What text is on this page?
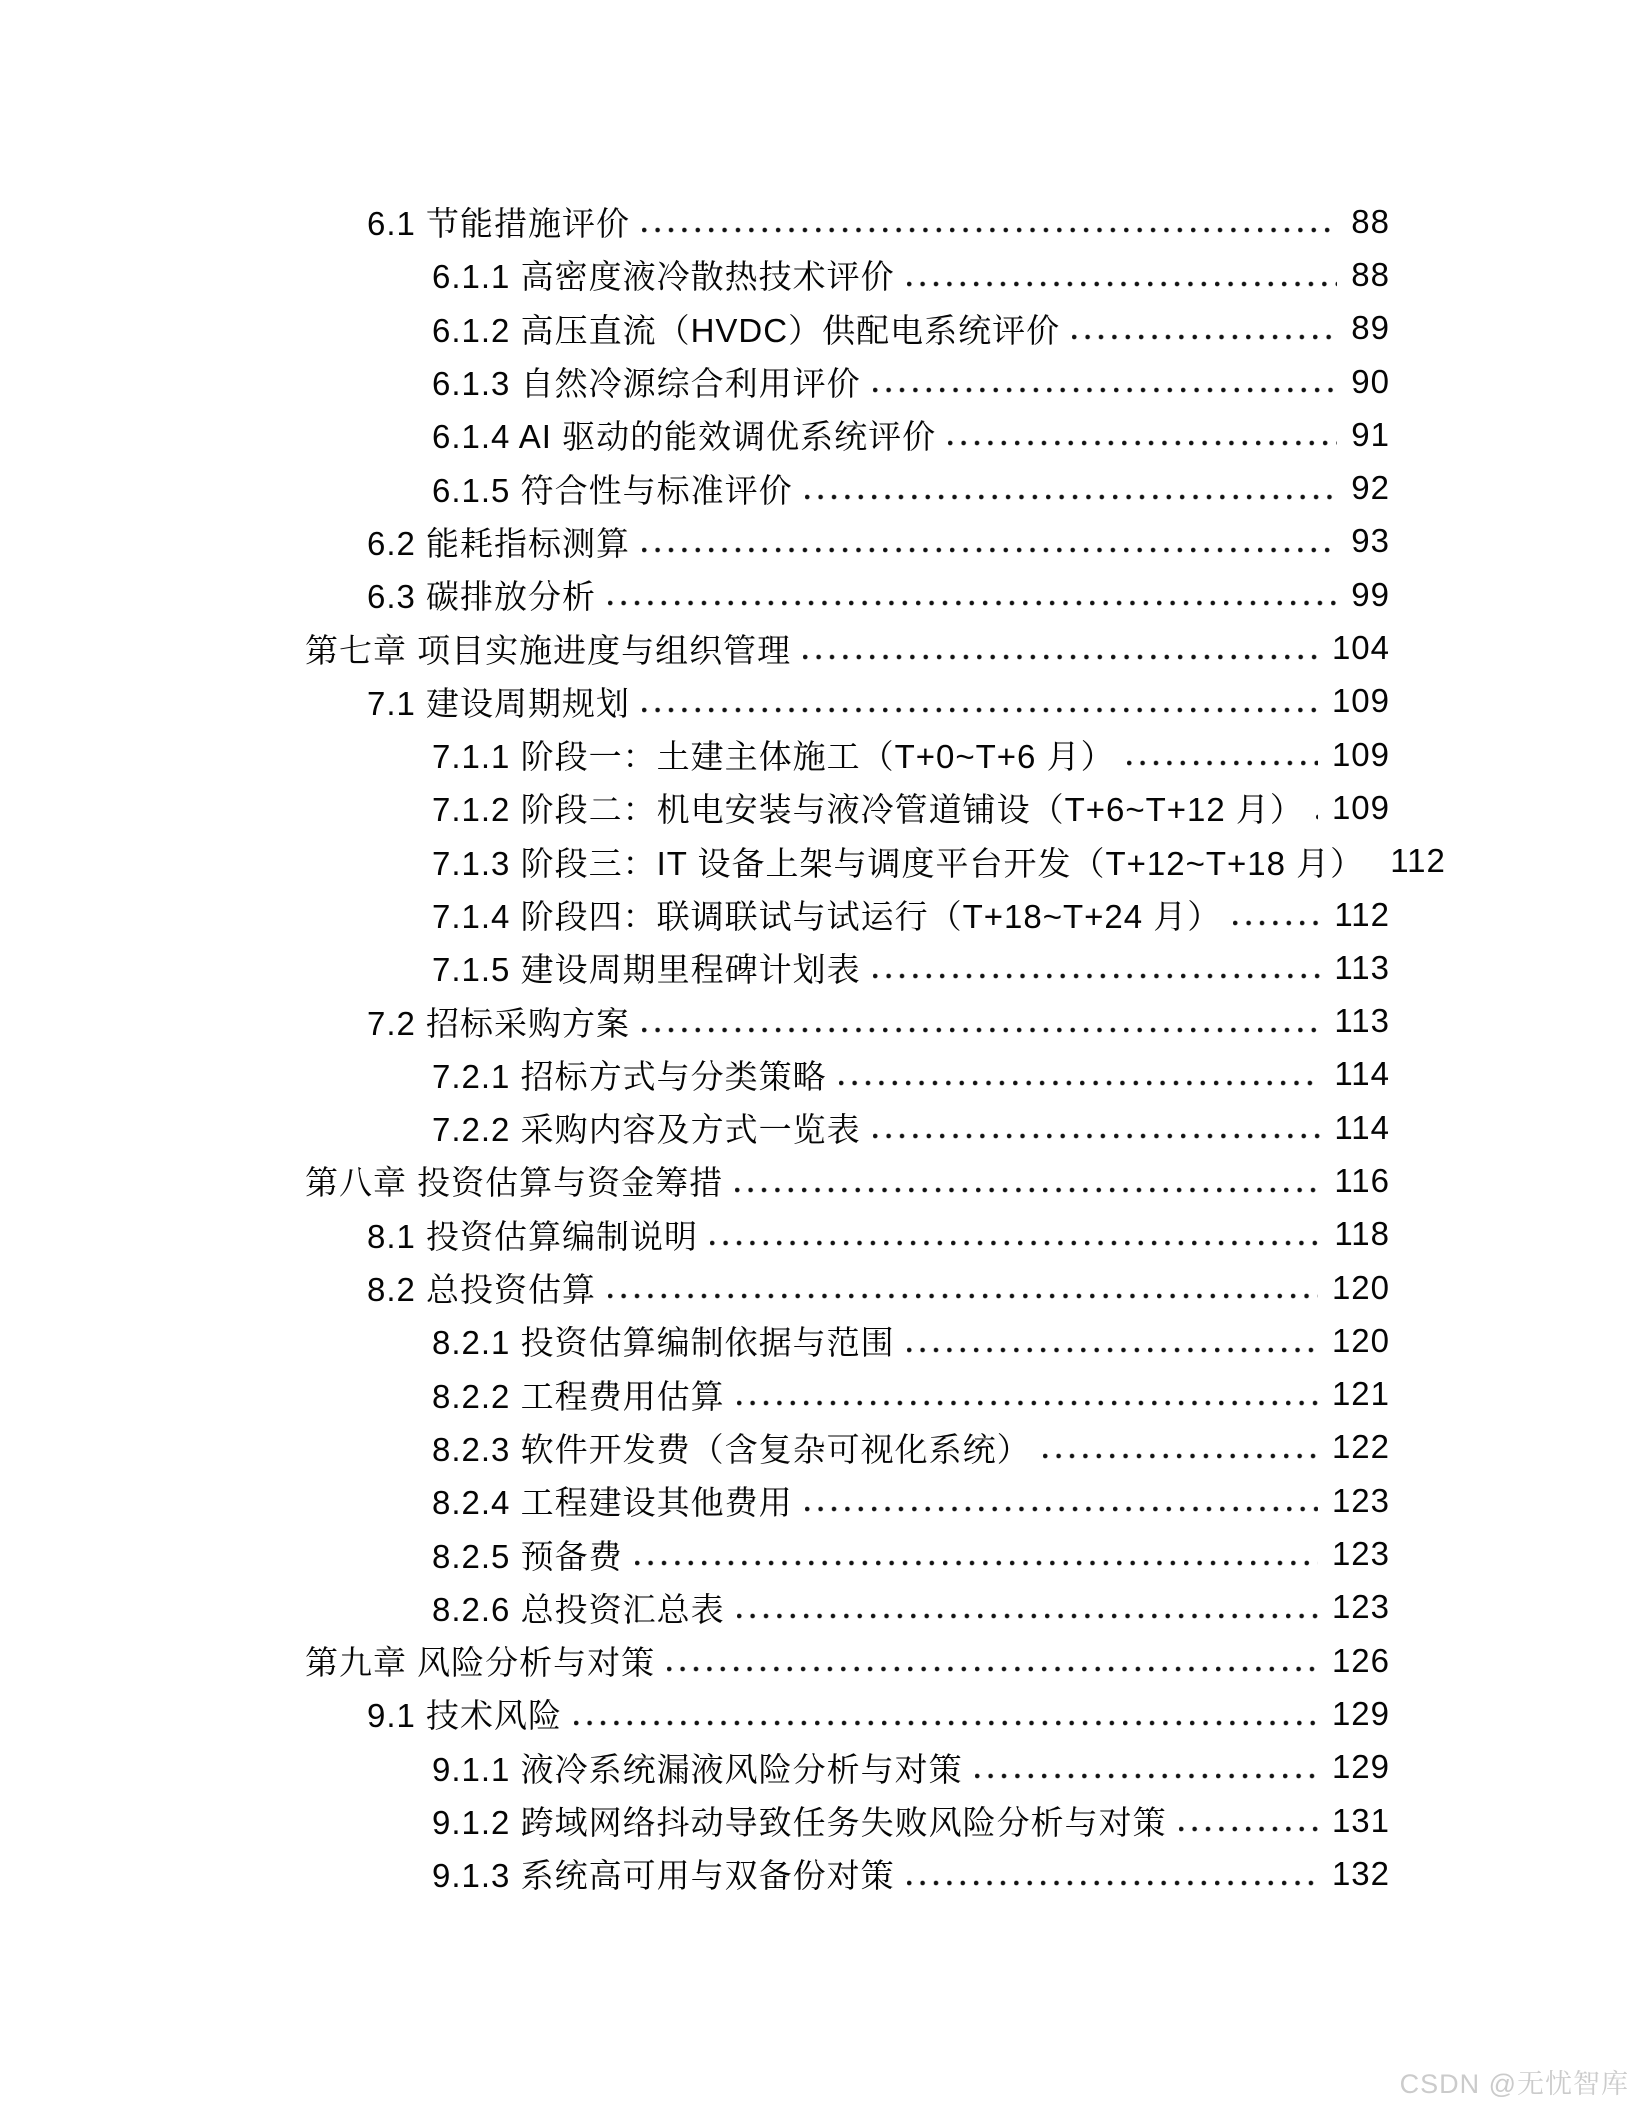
6.1 节能措施评价	88
6.1.1 高密度液冷散热技术评价	88
6.1.2 高压直流（HVDC）供配电系统评价	89
6.1.3 自然冷源综合利用评价	90
6.1.4 AI 驱动的能效调优系统评价	91
6.1.5 符合性与标准评价	92
6.2 能耗指标测算	93
6.3 碳排放分析	99
第七章 项目实施进度与组织管理	104
7.1 建设周期规划	109
7.1.1 阶段一：土建主体施工（T+0~T+6 月）	109
7.1.2 阶段二：机电安装与液冷管道铺设（T+6~T+12 月） 109
7.1.3 阶段三：IT 设备上架与调度平台开发（T+12~T+18 月） 112
7.1.4 阶段四：联调联试与试运行（T+18~T+24 月）	112
7.1.5 建设周期里程碑计划表	113
7.2 招标采购方案	113
7.2.1 招标方式与分类策略	114
7.2.2 采购内容及方式一览表	114
第八章 投资估算与资金筹措	116
8.1 投资估算编制说明	118
8.2 总投资估算	120
8.2.1 投资估算编制依据与范围	120
8.2.2 工程费用估算	121
8.2.3 软件开发费（含复杂可视化系统）	122
8.2.4 工程建设其他费用	123
8.2.5 预备费	123
8.2.6 总投资汇总表	123
第九章 风险分析与对策	126
9.1 技术风险	129
9.1.1 液冷系统漏液风险分析与对策	129
9.1.2 跨域网络抖动导致任务失败风险分析与对策	131
9.1.3 系统高可用与双备份对策	132
CSDN @无忧智库
